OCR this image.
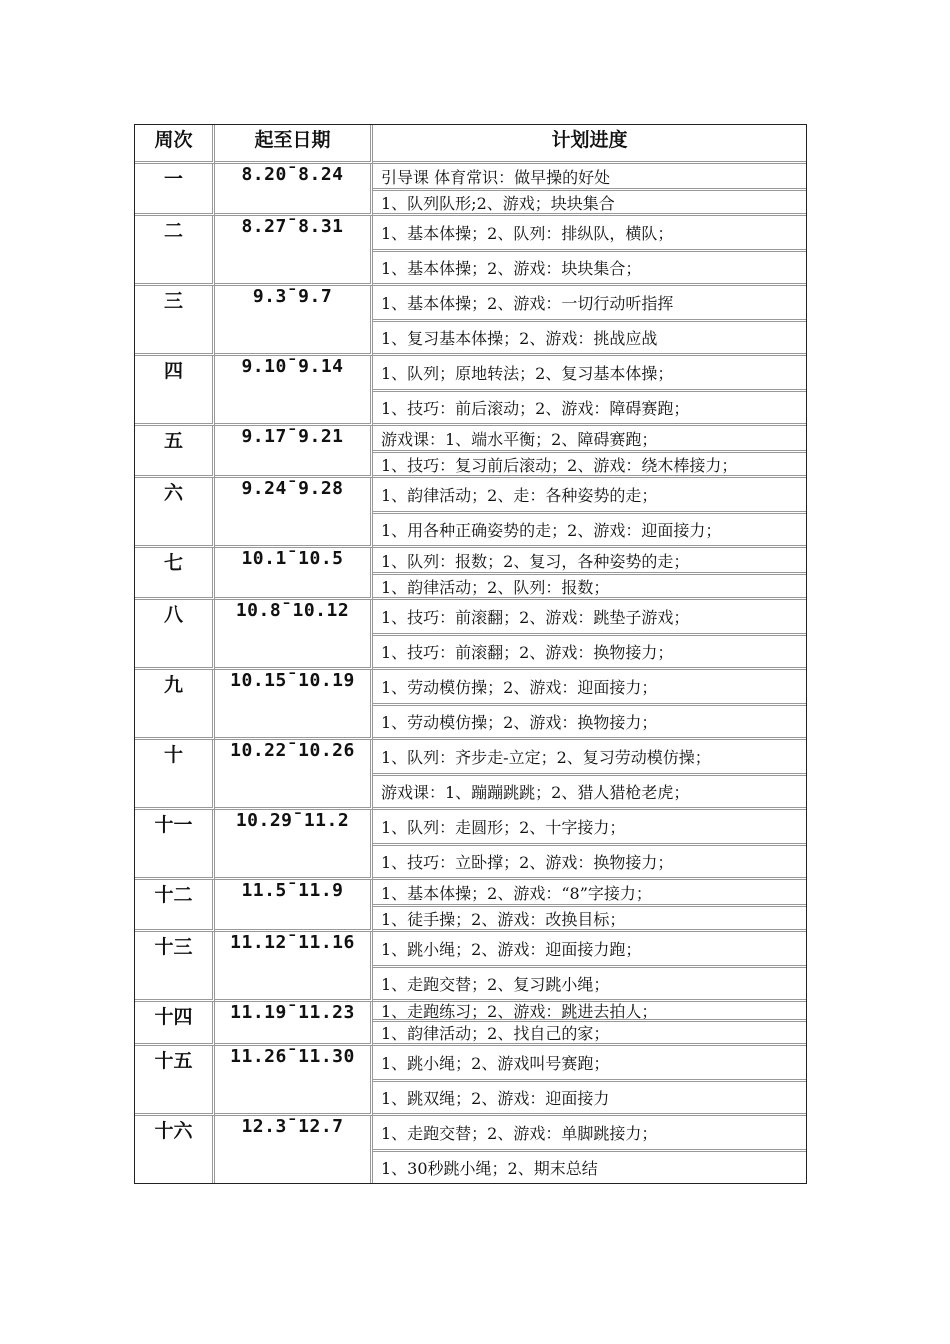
周次	起至日期	计划进度
一	8.20¯8.24	引导课 体育常识：做早操的好处
1、队列队形;2、游戏；块块集合

二	8.27¯8.31	1、基本体操；2、队列：排纵队，横队；
1、基本体操；2、游戏：块块集合；

三	9.3¯9.7	1、基本体操；2、游戏：一切行动听指挥
1、复习基本体操；2、游戏：挑战应战

四	9.10¯9.14	1、队列；原地转法；2、复习基本体操；
1、技巧：前后滚动；2、游戏：障碍赛跑；

五	9.17¯9.21	游戏课：1、端水平衡；2、障碍赛跑；
1、技巧：复习前后滚动；2、游戏：绕木棒接力；

六	9.24¯9.28	1、韵律活动；2、走：各种姿势的走；
1、用各种正确姿势的走；2、游戏：迎面接力；

七	10.1¯10.5	1、队列：报数；2、复习，各种姿势的走；
1、韵律活动；2、队列：报数；

八	10.8¯10.12	1、技巧：前滚翻；2、游戏：跳垫子游戏；
1、技巧：前滚翻；2、游戏：换物接力；

九	10.15¯10.19	1、劳动模仿操；2、游戏：迎面接力；
1、劳动模仿操；2、游戏：换物接力；

十	10.22¯10.26	1、队列：齐步走-立定；2、复习劳动模仿操；
游戏课：1、蹦蹦跳跳；2、猎人猎枪老虎；

十一	10.29¯11.2	1、队列：走圆形；2、十字接力；
1、技巧：立卧撑；2、游戏：换物接力；

十二	11.5¯11.9	1、基本体操；2、游戏：“8”字接力；
1、徒手操；2、游戏：改换目标；

十三	11.12¯11.16	1、跳小绳；2、游戏：迎面接力跑；
1、走跑交替；2、复习跳小绳；

十四	11.19¯11.23	1、走跑练习；2、游戏：跳进去拍人；
1、韵律活动；2、找自己的家；

十五	11.26¯11.30	1、跳小绳；2、游戏叫号赛跑；
1、跳双绳；2、游戏：迎面接力

十六	12.3¯12.7	1、走跑交替；2、游戏：单脚跳接力；
1、30秒跳小绳；2、期末总结
